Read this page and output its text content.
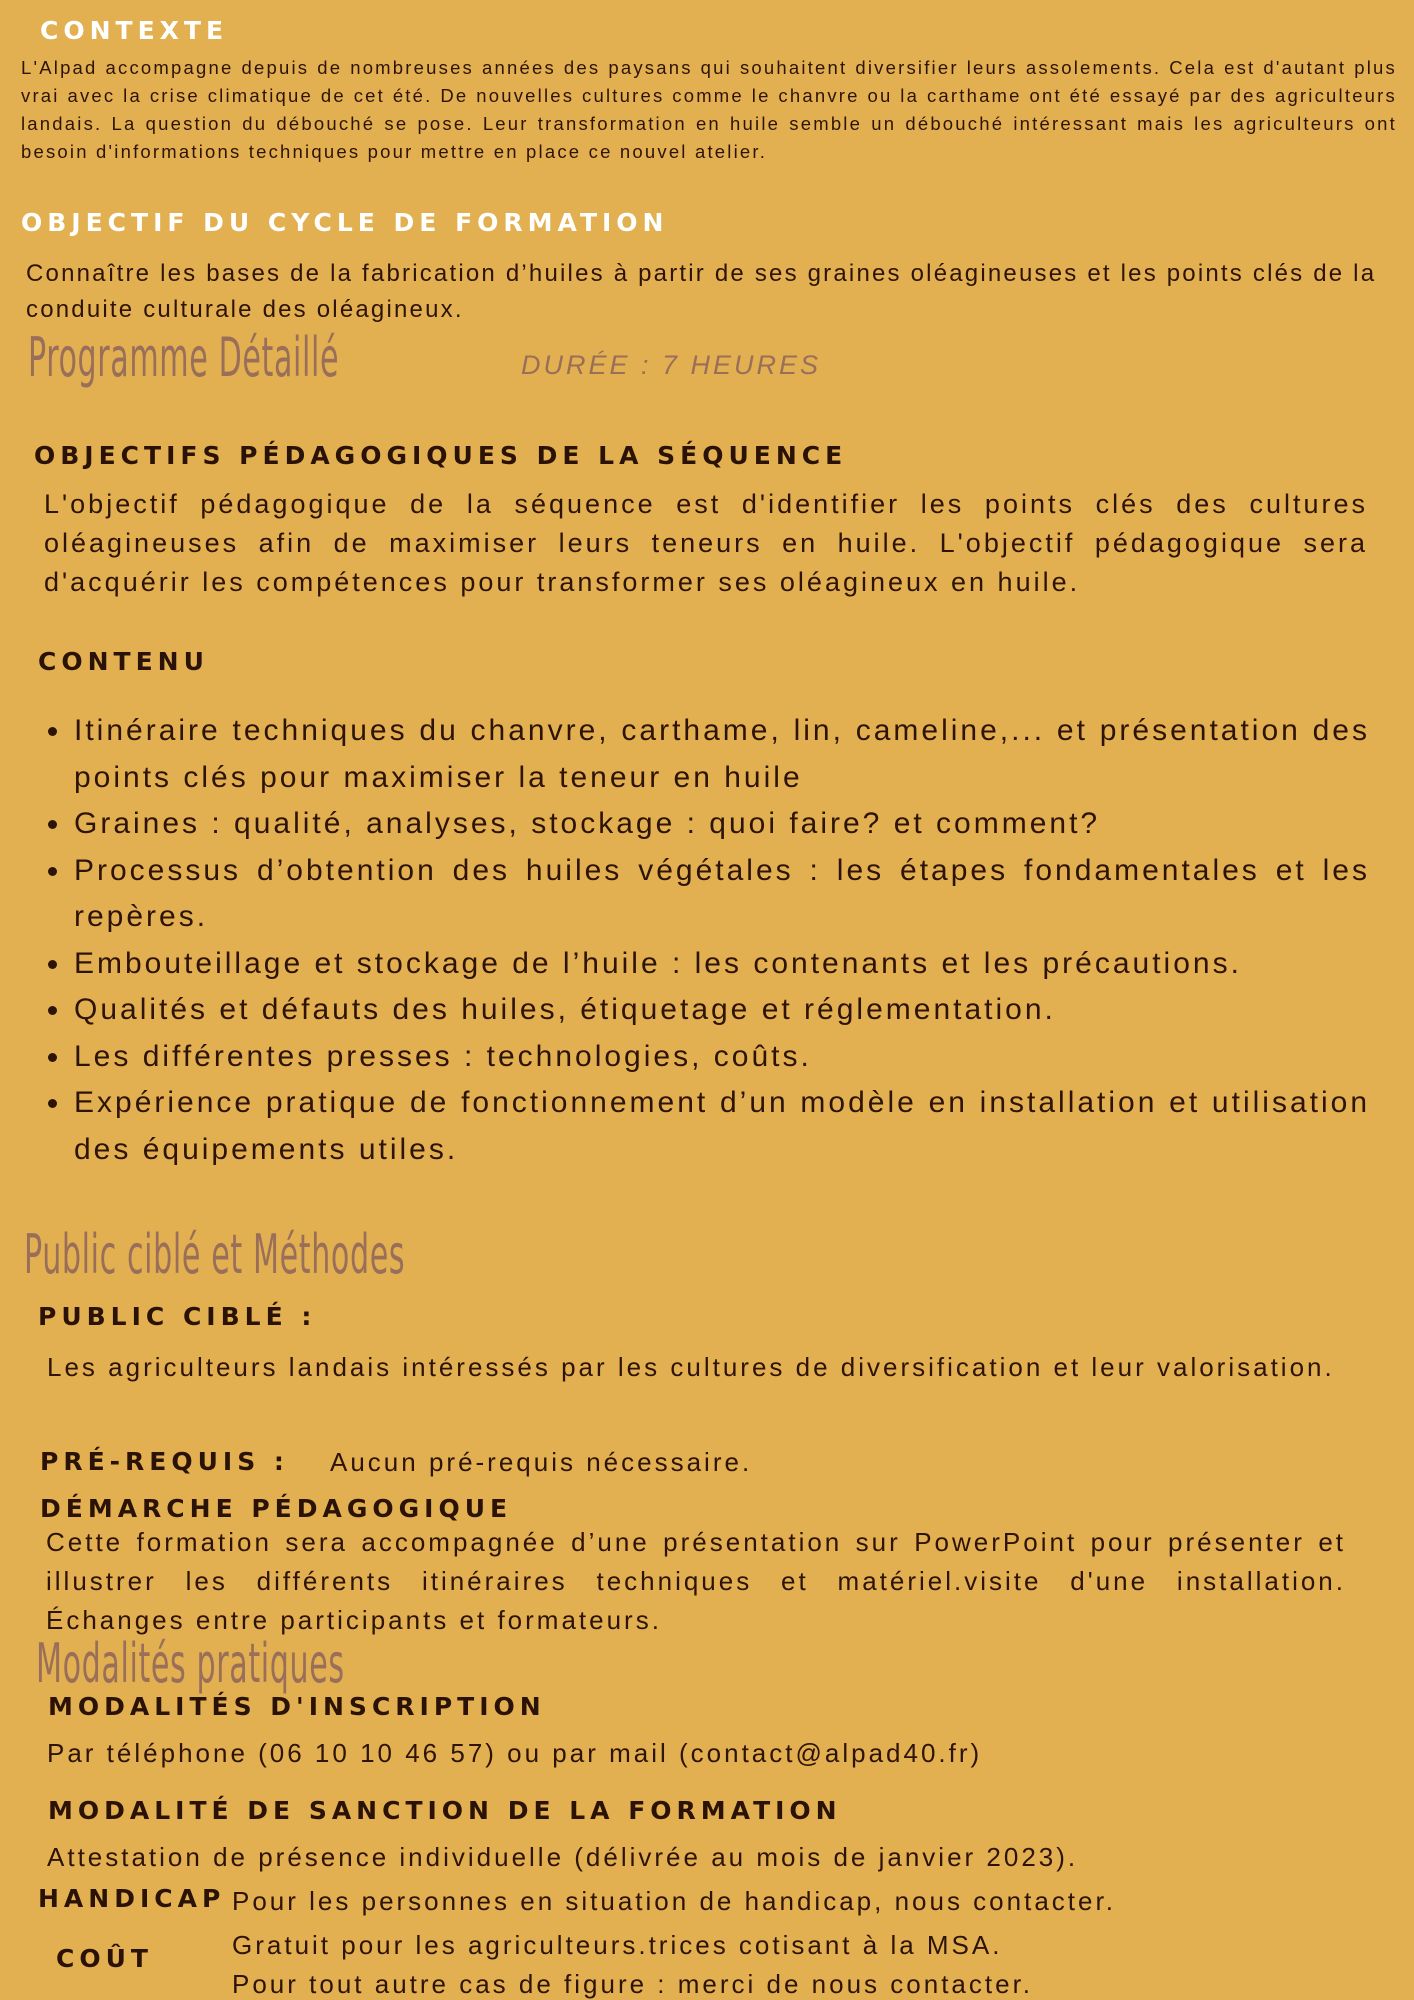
CONTEXTE
L'Alpad accompagne depuis de nombreuses années des paysans qui souhaitent diversifier leurs assolements. Cela est d'autant plus vrai avec la crise climatique de cet été. De nouvelles cultures comme le chanvre ou la carthame ont été essayé par des agriculteurs landais. La question du débouché se pose. Leur transformation en huile semble un débouché intéressant mais les agriculteurs ont besoin d'informations techniques pour mettre en place ce nouvel atelier.
OBJECTIF DU CYCLE DE FORMATION
Connaître les bases de la fabrication d’huiles à partir de ses graines oléagineuses et les points clés de la conduite culturale des oléagineux.
Programme Détaillé	DURÉE : 7 HEURES
OBJECTIFS PÉDAGOGIQUES DE LA SÉQUENCE
L'objectif pédagogique de la séquence est d'identifier les points clés des cultures oléagineuses afin de maximiser leurs teneurs en huile. L'objectif pédagogique sera d'acquérir les compétences pour transformer ses oléagineux en huile.
CONTENU
• Itinéraire techniques du chanvre, carthame, lin, cameline,... et présentation des points clés pour maximiser la teneur en huile
• Graines : qualité, analyses, stockage : quoi faire? et comment?
• Processus d’obtention des huiles végétales : les étapes fondamentales et les repères.
• Embouteillage et stockage de l’huile : les contenants et les précautions.
• Qualités et défauts des huiles, étiquetage et réglementation.
• Les différentes presses : technologies, coûts.
• Expérience pratique de fonctionnement d’un modèle en installation et utilisation des équipements utiles.
Public ciblé et Méthodes
PUBLIC CIBLÉ :
Les agriculteurs landais intéressés par les cultures de diversification et leur valorisation.
PRÉ-REQUIS : Aucun pré-requis nécessaire.
DÉMARCHE PÉDAGOGIQUE
Cette formation sera accompagnée d’une présentation sur PowerPoint pour présenter et illustrer les différents itinéraires techniques et matériel.visite d'une installation. Échanges entre participants et formateurs.
Modalités pratiques
MODALITÉS D'INSCRIPTION
Par téléphone (06 10 10 46 57) ou par mail (contact@alpad40.fr)
MODALITÉ DE SANCTION DE LA FORMATION
Attestation de présence individuelle (délivrée au mois de janvier 2023).
HANDICAP Pour les personnes en situation de handicap, nous contacter.
COÛT	Gratuit pour les agriculteurs.trices cotisant à la MSA.
Pour tout autre cas de figure : merci de nous contacter.
